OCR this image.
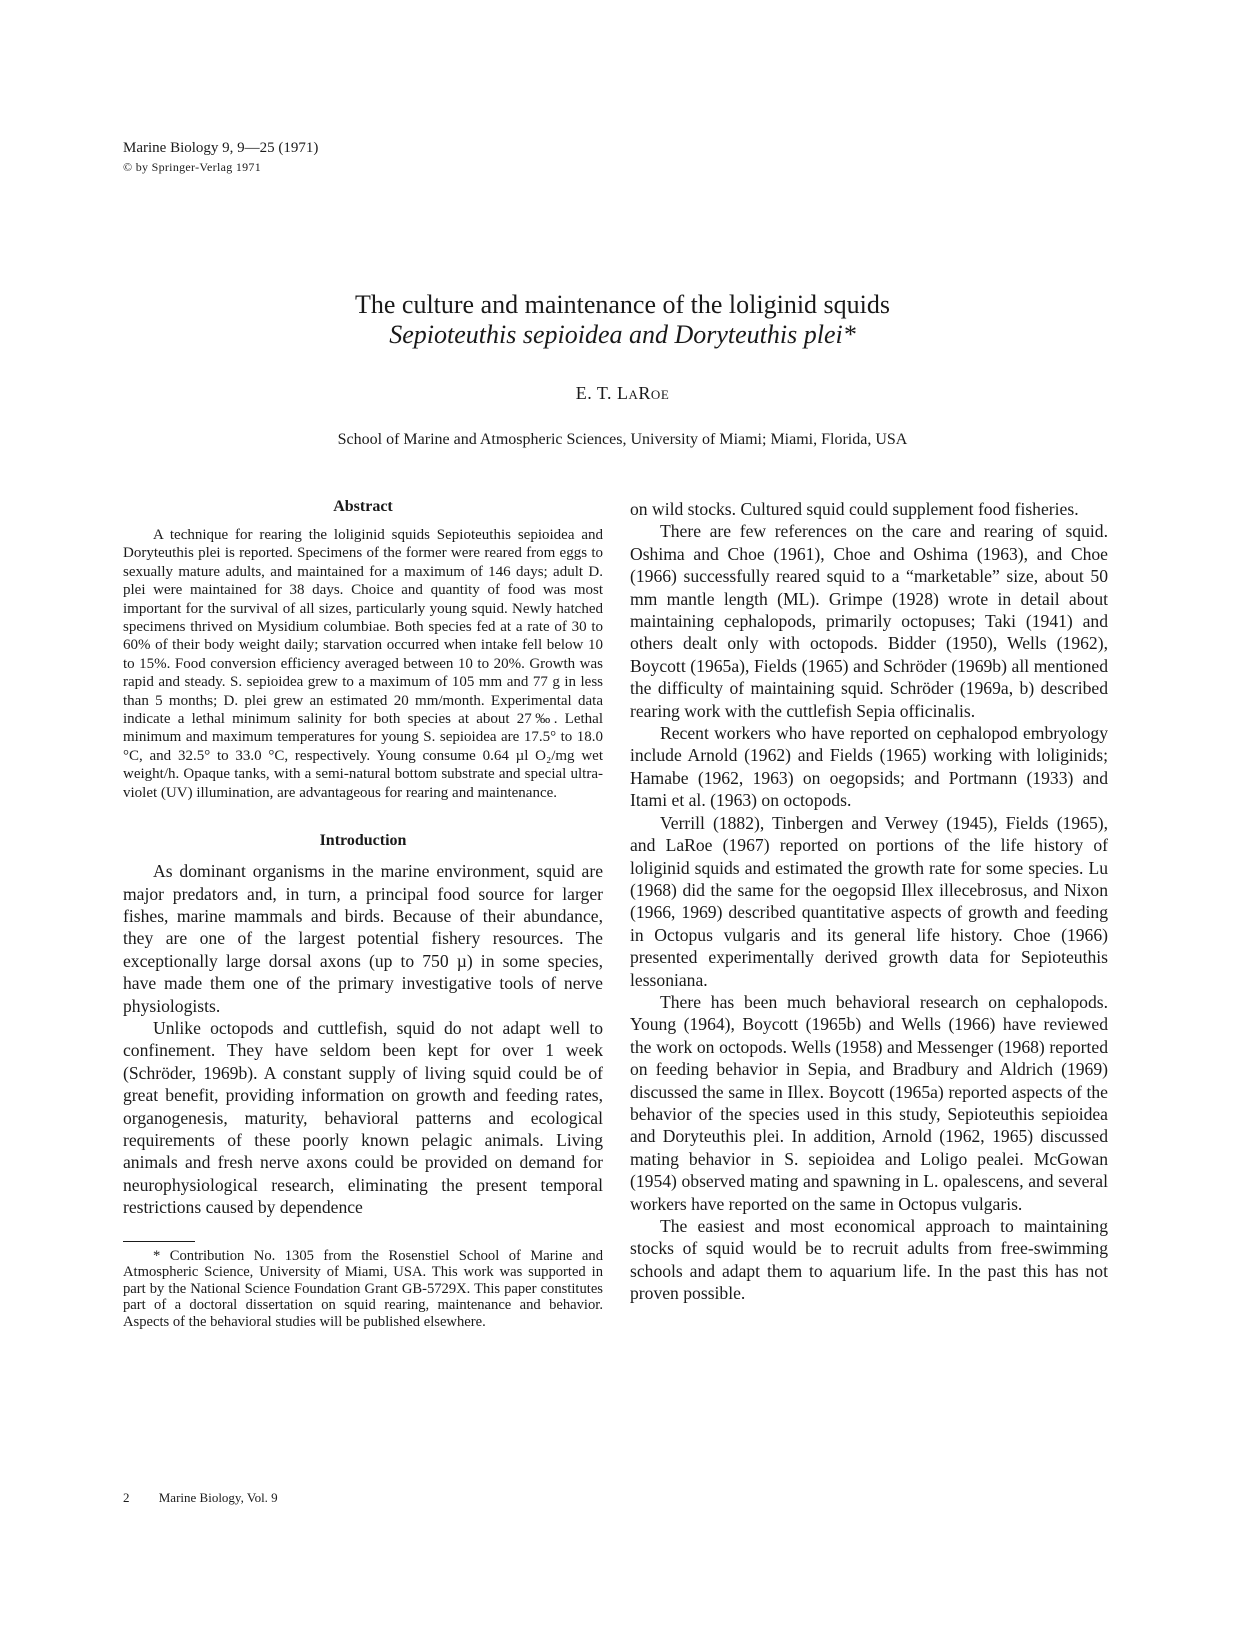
Marine Biology 9, 9—25 (1971)
© by Springer-Verlag 1971
The culture and maintenance of the loliginid squids
Sepioteuthis sepioidea and Doryteuthis plei*
E. T. LaRoe
School of Marine and Atmospheric Sciences, University of Miami; Miami, Florida, USA
Abstract

A technique for rearing the loliginid squids Sepioteuthis sepioidea and Doryteuthis plei is reported. Specimens of the former were reared from eggs to sexually mature adults, and maintained for a maximum of 146 days; adult D. plei were maintained for 38 days. Choice and quantity of food was most important for the survival of all sizes, particularly young squid. Newly hatched specimens thrived on Mysidium columbiae. Both species fed at a rate of 30 to 60% of their body weight daily; starvation occurred when intake fell below 10 to 15%. Food conversion efficiency averaged between 10 to 20%. Growth was rapid and steady. S. sepioidea grew to a maximum of 105 mm and 77 g in less than 5 months; D. plei grew an estimated 20 mm/month. Experimental data indicate a lethal minimum salinity for both species at about 27‰. Lethal minimum and maximum temperatures for young S. sepioidea are 17.5° to 18.0 °C, and 32.5° to 33.0 °C, respectively. Young consume 0.64 µl O₂/mg wet weight/h. Opaque tanks, with a semi-natural bottom substrate and special ultra-violet (UV) illumination, are advantageous for rearing and maintenance.

Introduction

As dominant organisms in the marine environment, squid are major predators and, in turn, a principal food source for larger fishes, marine mammals and birds. Because of their abundance, they are one of the largest potential fishery resources. The exceptionally large dorsal axons (up to 750 µ) in some species, have made them one of the primary investigative tools of nerve physiologists.

Unlike octopods and cuttlefish, squid do not adapt well to confinement. They have seldom been kept for over 1 week (Schröder, 1969b). A constant supply of living squid could be of great benefit, providing information on growth and feeding rates, organogenesis, maturity, behavioral patterns and ecological requirements of these poorly known pelagic animals. Living animals and fresh nerve axons could be provided on demand for neurophysiological research, eliminating the present temporal restrictions caused by dependence

* Contribution No. 1305 from the Rosenstiel School of Marine and Atmospheric Science, University of Miami, USA. This work was supported in part by the National Science Foundation Grant GB-5729X. This paper constitutes part of a doctoral dissertation on squid rearing, maintenance and behavior. Aspects of the behavioral studies will be published elsewhere.

on wild stocks. Cultured squid could supplement food fisheries.

There are few references on the care and rearing of squid. Oshima and Choe (1961), Choe and Oshima (1963), and Choe (1966) successfully reared squid to a “marketable” size, about 50 mm mantle length (ML). Grimpe (1928) wrote in detail about maintaining cephalopods, primarily octopuses; Taki (1941) and others dealt only with octopods. Bidder (1950), Wells (1962), Boycott (1965a), Fields (1965) and Schröder (1969b) all mentioned the difficulty of maintaining squid. Schröder (1969a, b) described rearing work with the cuttlefish Sepia officinalis.

Recent workers who have reported on cephalopod embryology include Arnold (1962) and Fields (1965) working with loliginids; Hamabe (1962, 1963) on oegopsids; and Portmann (1933) and Itami et al. (1963) on octopods.

Verrill (1882), Tinbergen and Verwey (1945), Fields (1965), and LaRoe (1967) reported on portions of the life history of loliginid squids and estimated the growth rate for some species. Lu (1968) did the same for the oegopsid Illex illecebrosus, and Nixon (1966, 1969) described quantitative aspects of growth and feeding in Octopus vulgaris and its general life history. Choe (1966) presented experimentally derived growth data for Sepioteuthis lessoniana.

There has been much behavioral research on cephalopods. Young (1964), Boycott (1965b) and Wells (1966) have reviewed the work on octopods. Wells (1958) and Messenger (1968) reported on feeding behavior in Sepia, and Bradbury and Aldrich (1969) discussed the same in Illex. Boycott (1965a) reported aspects of the behavior of the species used in this study, Sepioteuthis sepioidea and Doryteuthis plei. In addition, Arnold (1962, 1965) discussed mating behavior in S. sepioidea and Loligo pealei. McGowan (1954) observed mating and spawning in L. opalescens, and several workers have reported on the same in Octopus vulgaris.

The easiest and most economical approach to maintaining stocks of squid would be to recruit adults from free-swimming schools and adapt them to aquarium life. In the past this has not proven possible.

2 Marine Biology, Vol. 9
